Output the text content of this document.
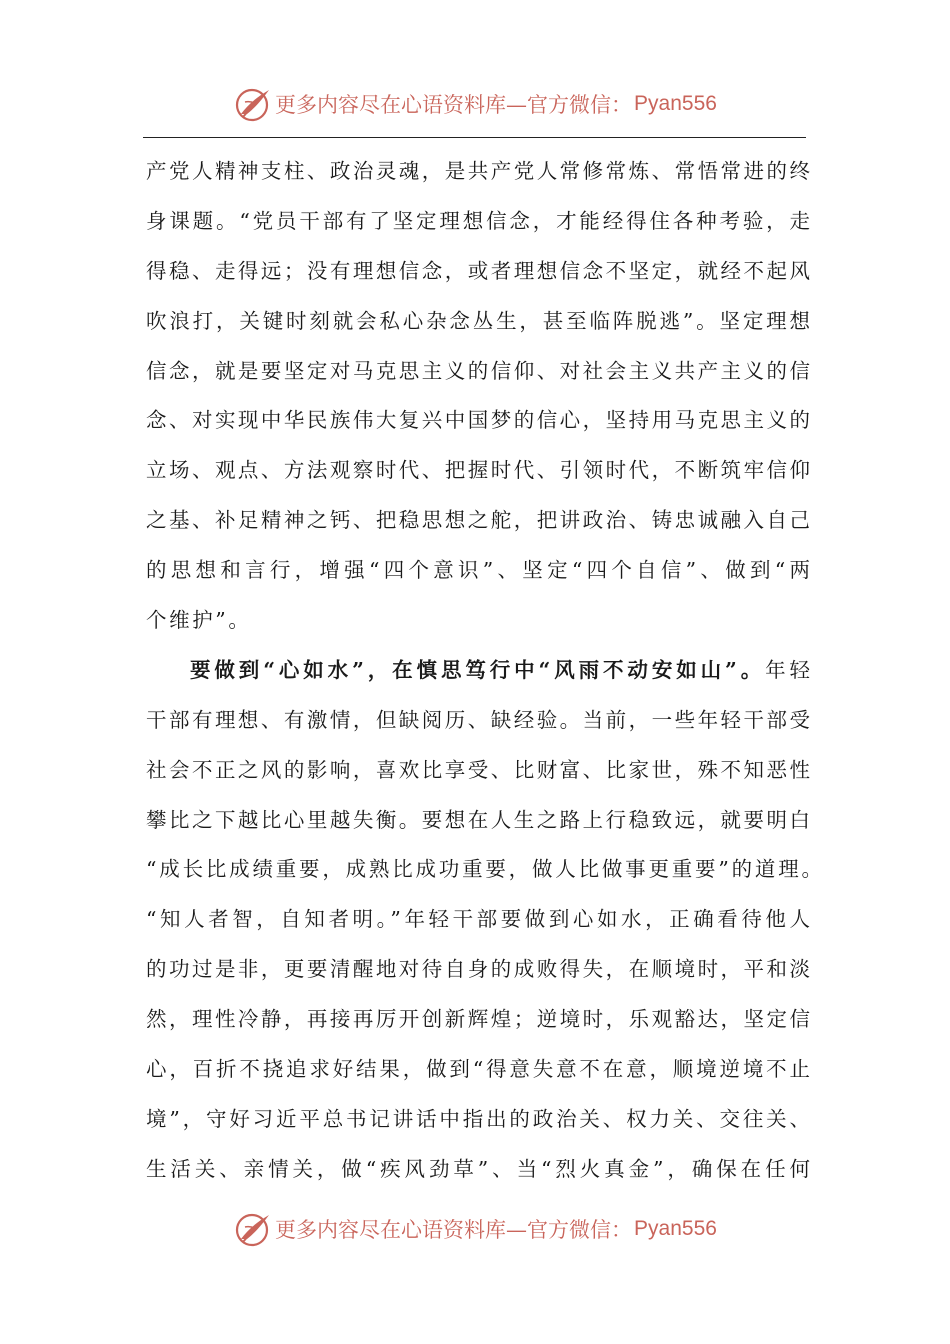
更多内容尽在心语资料库—官方微信： Pyan556
产党人精神支柱、政治灵魂，是共产党人常修常炼、常悟常进的终
身课题。“党员干部有了坚定理想信念，才能经得住各种考验，走
得稳、走得远；没有理想信念，或者理想信念不坚定，就经不起风
吹浪打，关键时刻就会私心杂念丛生，甚至临阵脱逃”。坚定理想
信念，就是要坚定对马克思主义的信仰、对社会主义共产主义的信
念、对实现中华民族伟大复兴中国梦的信心，坚持用马克思主义的
立场、观点、方法观察时代、把握时代、引领时代，不断筑牢信仰
之基、补足精神之钙、把稳思想之舵，把讲政治、铸忠诚融入自己
的思想和言行，增强“四个意识”、坚定“四个自信”、做到“两
个维护”。
要做到“心如水”，在慎思笃行中“风雨不动安如山”。年轻
干部有理想、有激情，但缺阅历、缺经验。当前，一些年轻干部受
社会不正之风的影响，喜欢比享受、比财富、比家世，殊不知恶性
攀比之下越比心里越失衡。要想在人生之路上行稳致远，就要明白
“成长比成绩重要，成熟比成功重要，做人比做事更重要”的道理。
“知人者智，自知者明。”年轻干部要做到心如水，正确看待他人
的功过是非，更要清醒地对待自身的成败得失，在顺境时，平和淡
然，理性冷静，再接再厉开创新辉煌；逆境时，乐观豁达，坚定信
心，百折不挠追求好结果，做到“得意失意不在意，顺境逆境不止
境”，守好习近平总书记讲话中指出的政治关、权力关、交往关、
生活关、亲情关，做“疾风劲草”、当“烈火真金”，确保在任何
更多内容尽在心语资料库—官方微信： Pyan556
